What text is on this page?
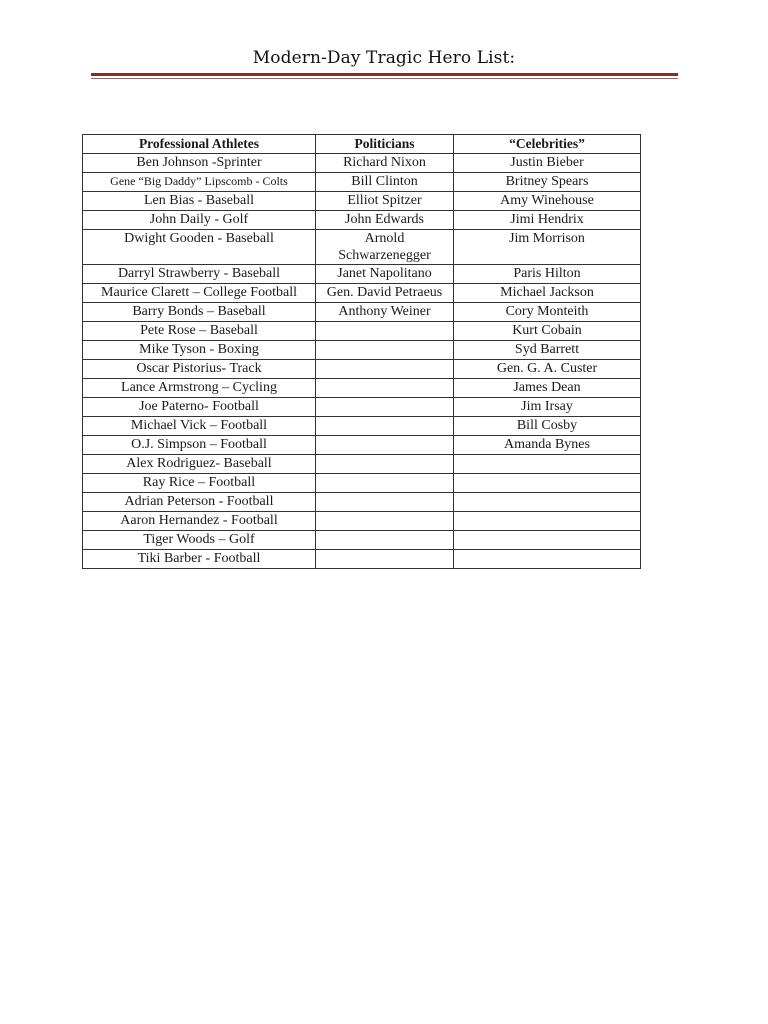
Modern-Day Tragic Hero List:
Professional Athletes	Politicians	“Celebrities”
Ben Johnson -Sprinter	Richard Nixon	Justin Bieber
Gene “Big Daddy” Lipscomb - Colts	Bill Clinton	Britney Spears
Len Bias - Baseball	Elliot Spitzer	Amy Winehouse
John Daily - Golf	John Edwards	Jimi Hendrix
Dwight Gooden - Baseball	Arnold Schwarzenegger	Jim Morrison
Darryl Strawberry - Baseball	Janet Napolitano	Paris Hilton
Maurice Clarett – College Football	Gen. David Petraeus	Michael Jackson
Barry Bonds – Baseball	Anthony Weiner	Cory Monteith
Pete Rose – Baseball		Kurt Cobain
Mike Tyson - Boxing		Syd Barrett
Oscar Pistorius- Track		Gen. G. A. Custer
Lance Armstrong – Cycling		James Dean
Joe Paterno- Football		Jim Irsay
Michael Vick – Football		Bill Cosby
O.J. Simpson – Football		Amanda Bynes
Alex Rodriguez- Baseball		
Ray Rice – Football		
Adrian Peterson - Football		
Aaron Hernandez - Football		
Tiger Woods – Golf		
Tiki Barber - Football		
